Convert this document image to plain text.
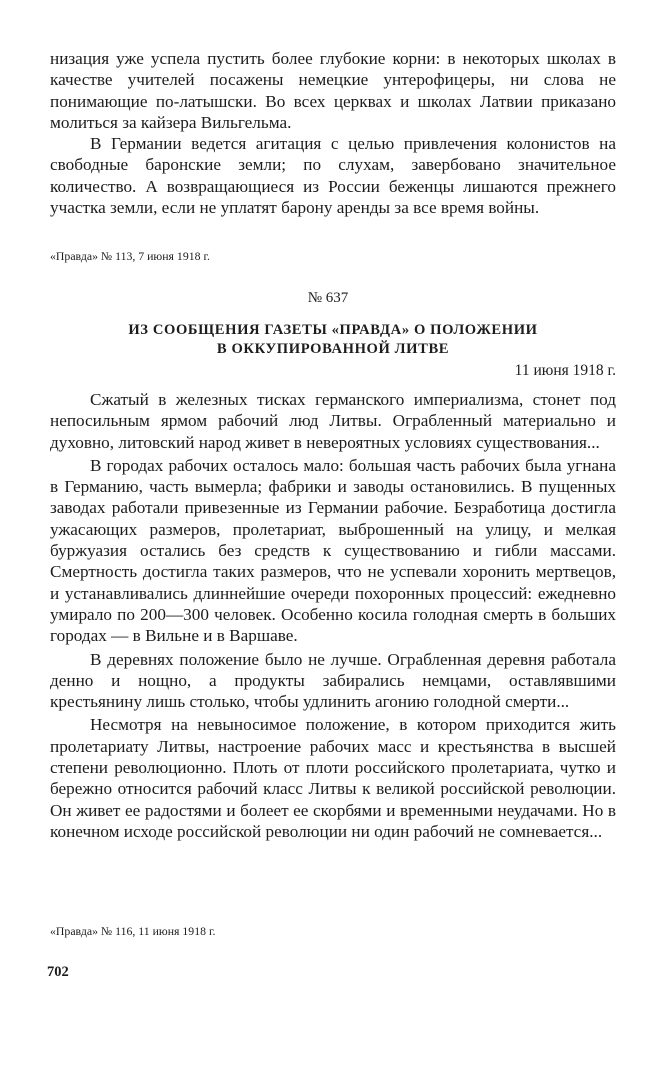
низация уже успела пустить более глубокие корни: в некоторых школах в качестве учителей посажены немецкие унтерофицеры, ни слова не понимающие по-латышски. Во всех церквах и школах Латвии приказано молиться за кайзера Вильгельма.

В Германии ведется агитация с целью привлечения колонистов на свободные баронские земли; по слухам, завербовано значительное количество. А возвращающиеся из России беженцы лишаются прежнего участка земли, если не уплатят барону аренды за все время войны.

«Правда» № 113, 7 июня 1918 г.

№ 637

ИЗ СООБЩЕНИЯ ГАЗЕТЫ «ПРАВДА» О ПОЛОЖЕНИИ
В ОККУПИРОВАННОЙ ЛИТВЕ

11 июня 1918 г.

Сжатый в железных тисках германского империализма, стонет под непосильным ярмом рабочий люд Литвы. Ограбленный материально и духовно, литовский народ живет в невероятных условиях существования...

В городах рабочих осталось мало: большая часть рабочих была угнана в Германию, часть вымерла; фабрики и заводы остановились. В пущенных заводах работали привезенные из Германии рабочие. Безработица достигла ужасающих размеров, пролетариат, выброшенный на улицу, и мелкая буржуазия остались без средств к существованию и гибли массами. Смертность достигла таких размеров, что не успевали хоронить мертвецов, и устанавливались длиннейшие очереди похоронных процессий: ежедневно умирало по 200—300 человек. Особенно косила голодная смерть в больших городах — в Вильне и в Варшаве.

В деревнях положение было не лучше. Ограбленная деревня работала денно и нощно, а продукты забирались немцами, оставлявшими крестьянину лишь столько, чтобы удлинить агонию голодной смерти...

Несмотря на невыносимое положение, в котором приходится жить пролетариату Литвы, настроение рабочих масс и крестьянства в высшей степени революционно. Плоть от плоти российского пролетариата, чутко и бережно относится рабочий класс Литвы к великой российской революции. Он живет ее радостями и болеет ее скорбями и временными неудачами. Но в конечном исходе российской революции ни один рабочий не сомневается...

«Правда» № 116, 11 июня 1918 г.

702
